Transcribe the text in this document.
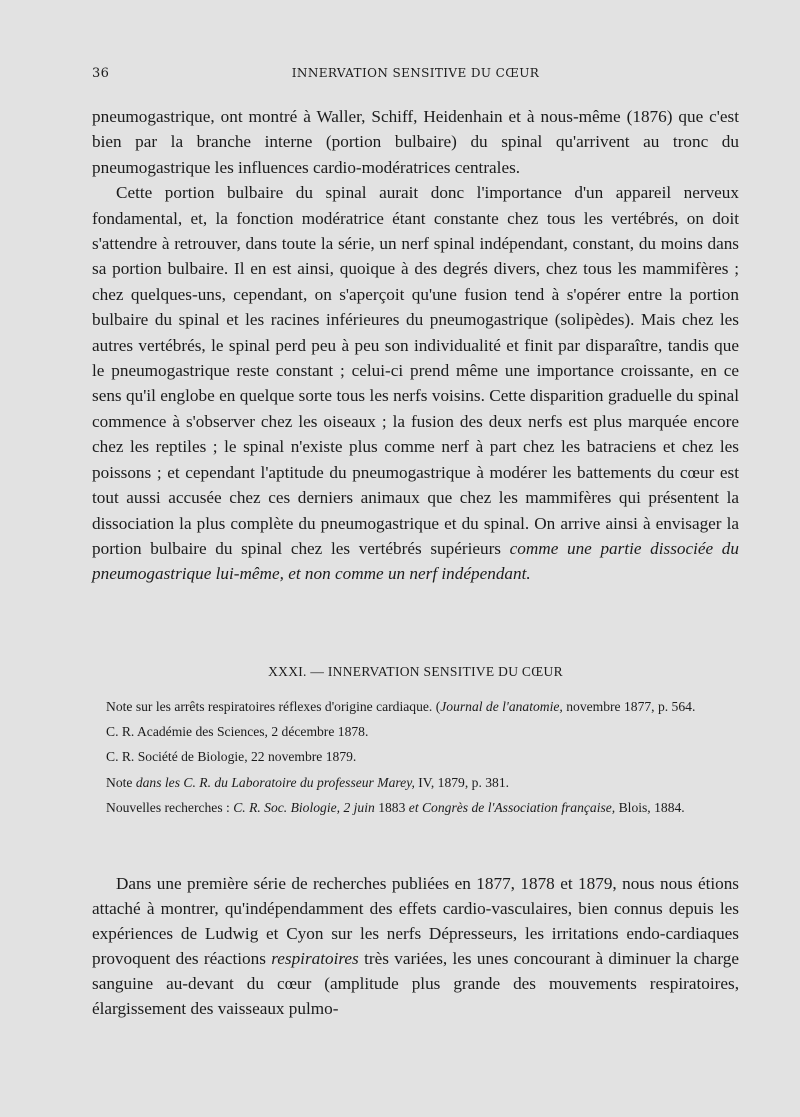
36	INNERVATION SENSITIVE DU CŒUR

pneumogastrique, ont montré à Waller, Schiff, Heidenhain et à nous-même (1876) que c'est bien par la branche interne (portion bulbaire) du spinal qu'arrivent au tronc du pneumogastrique les influences cardio-modératrices centrales.

Cette portion bulbaire du spinal aurait donc l'importance d'un appareil nerveux fondamental, et, la fonction modératrice étant constante chez tous les vertébrés, on doit s'attendre à retrouver, dans toute la série, un nerf spinal indépendant, constant, du moins dans sa portion bulbaire. Il en est ainsi, quoique à des degrés divers, chez tous les mammifères ; chez quelques-uns, cependant, on s'aperçoit qu'une fusion tend à s'opérer entre la portion bulbaire du spinal et les racines inférieures du pneumogastrique (solipèdes). Mais chez les autres vertébrés, le spinal perd peu à peu son individualité et finit par disparaître, tandis que le pneumogastrique reste constant ; celui-ci prend même une importance croissante, en ce sens qu'il englobe en quelque sorte tous les nerfs voisins. Cette disparition graduelle du spinal commence à s'observer chez les oiseaux ; la fusion des deux nerfs est plus marquée encore chez les reptiles ; le spinal n'existe plus comme nerf à part chez les batraciens et chez les poissons ; et cependant l'aptitude du pneumogastrique à modérer les battements du cœur est tout aussi accusée chez ces derniers animaux que chez les mammifères qui présentent la dissociation la plus complète du pneumogastrique et du spinal. On arrive ainsi à envisager la portion bulbaire du spinal chez les vertébrés supérieurs comme une partie dissociée du pneumogastrique lui-même, et non comme un nerf indépendant.

XXXI. — INNERVATION SENSITIVE DU CŒUR

Note sur les arrêts respiratoires réflexes d'origine cardiaque. (Journal de l'anatomie, novembre 1877, p. 564.

C. R. Académie des Sciences, 2 décembre 1878.

C. R. Société de Biologie, 22 novembre 1879.

Note dans les C. R. du Laboratoire du professeur Marey, IV, 1879, p. 381.

Nouvelles recherches : C. R. Soc. Biologie, 2 juin 1883 et Congrès de l'Association française, Blois, 1884.

Dans une première série de recherches publiées en 1877, 1878 et 1879, nous nous étions attaché à montrer, qu'indépendamment des effets cardio-vasculaires, bien connus depuis les expériences de Ludwig et Cyon sur les nerfs Dépresseurs, les irritations endo-cardiaques provoquent des réactions respiratoires très variées, les unes concourant à diminuer la charge sanguine au-devant du cœur (amplitude plus grande des mouvements respiratoires, élargissement des vaisseaux pulmo-
